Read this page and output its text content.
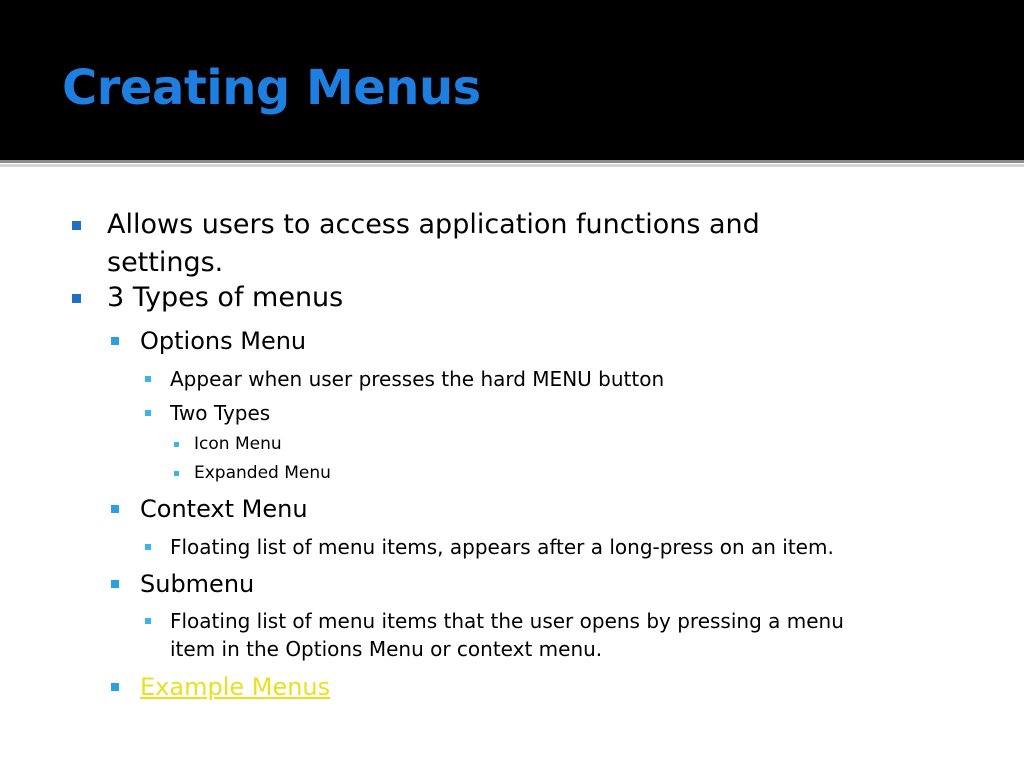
Creating Menus
Allows users to access application functions and
settings.
3 Types of menus
Options Menu
Appear when user presses the hard MENU button
Two Types
Icon Menu
Expanded Menu
Context Menu
Floating list of menu items, appears after a long-press on an item.
Submenu
Floating list of menu items that the user opens by pressing a menu
item in the Options Menu or context menu.
Example Menus
